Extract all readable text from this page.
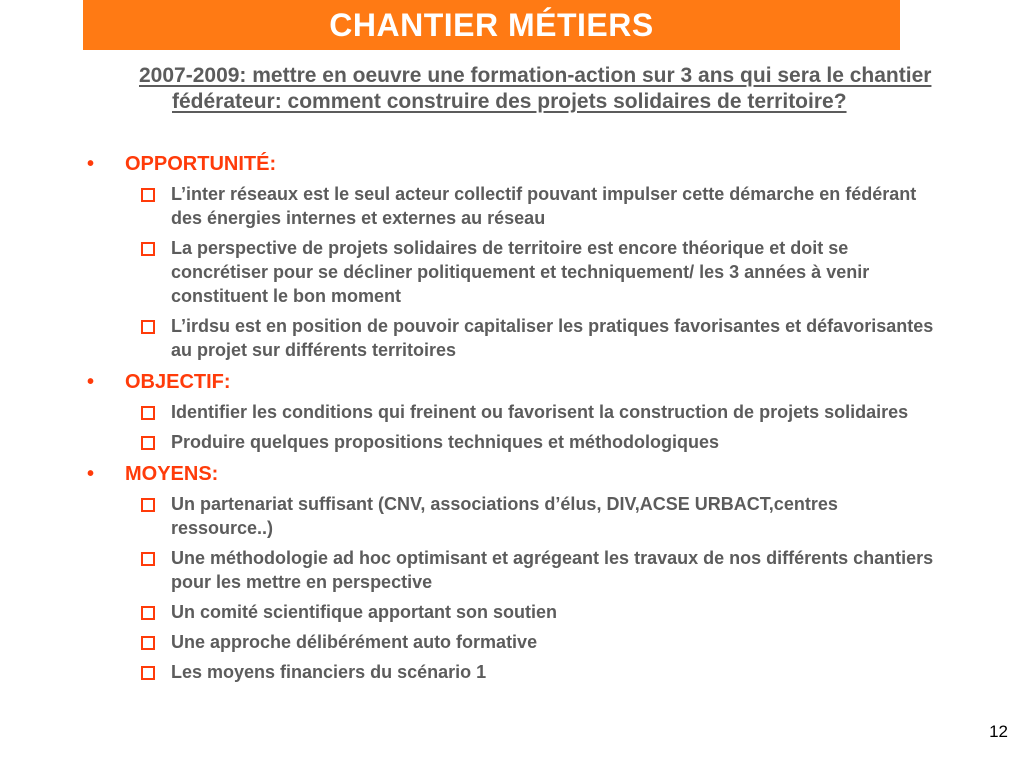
CHANTIER MÉTIERS
2007-2009: mettre en oeuvre une formation-action sur 3 ans qui sera le chantier fédérateur: comment construire des projets solidaires de territoire?
•	OPPORTUNITÉ:
L’inter réseaux est le seul acteur collectif pouvant impulser cette démarche en fédérant des énergies internes et externes au réseau
La perspective de projets solidaires de territoire est encore théorique et doit se concrétiser pour se décliner politiquement et techniquement/ les 3 années à venir constituent le bon moment
L’irdsu est en position de pouvoir capitaliser les pratiques favorisantes et défavorisantes au projet sur différents territoires
•	OBJECTIF:
Identifier les conditions qui freinent ou favorisent la construction de projets solidaires
Produire quelques propositions techniques et méthodologiques
•	MOYENS:
Un partenariat suffisant (CNV, associations d’élus, DIV,ACSE URBACT,centres ressource..)
Une méthodologie ad hoc optimisant et agrégeant les travaux de nos différents chantiers pour les mettre en perspective
Un comité scientifique apportant son soutien
Une approche délibérément auto formative
Les moyens financiers du scénario 1
12
